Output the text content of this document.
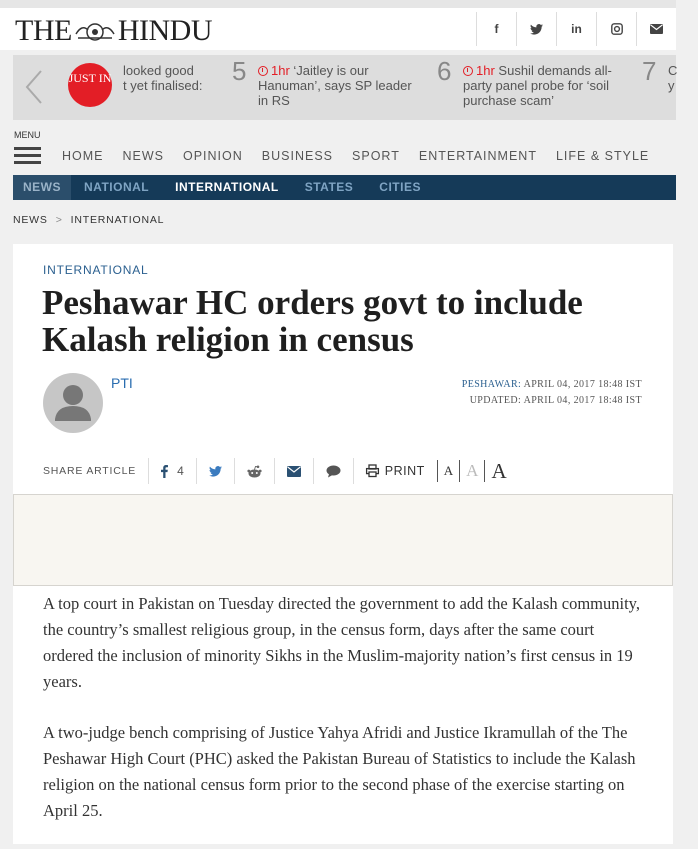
THE HINDU	f	in
JUST IN looked good
t yet finalised:	5	1hr ‘Jaitley is our
Hanuman’, says SP leader
in RS
6	1hr Sushil demands all-
party panel probe for ‘soil
purchase scam’
7 C
y
MENU
HOME NEWS OPINION BUSINESS SPORT ENTERTAINMENT LIFE & STYLE
NEWS	NATIONAL	INTERNATIONAL	STATES	CITIES
NEWS > INTERNATIONAL
INTERNATIONAL
Peshawar HC orders govt to include
Kalash religion in census
PTI	PESHAWAR: APRIL 04, 2017 18:48 IST
UPDATED: APRIL 04, 2017 18:48 IST
SHARE ARTICLE	4	PRINT	A A A

A top court in Pakistan on Tuesday directed the government to add the Kalash community, the country’s smallest religious group, in the census form, days after the same court ordered the inclusion of minority Sikhs in the Muslim-majority nation’s first census in 19 years.

A two-judge bench comprising of Justice Yahya Afridi and Justice Ikramullah of the The Peshawar High Court (PHC) asked the Pakistan Bureau of Statistics to include the Kalash religion on the national census form prior to the second phase of the exercise starting on April 25.
